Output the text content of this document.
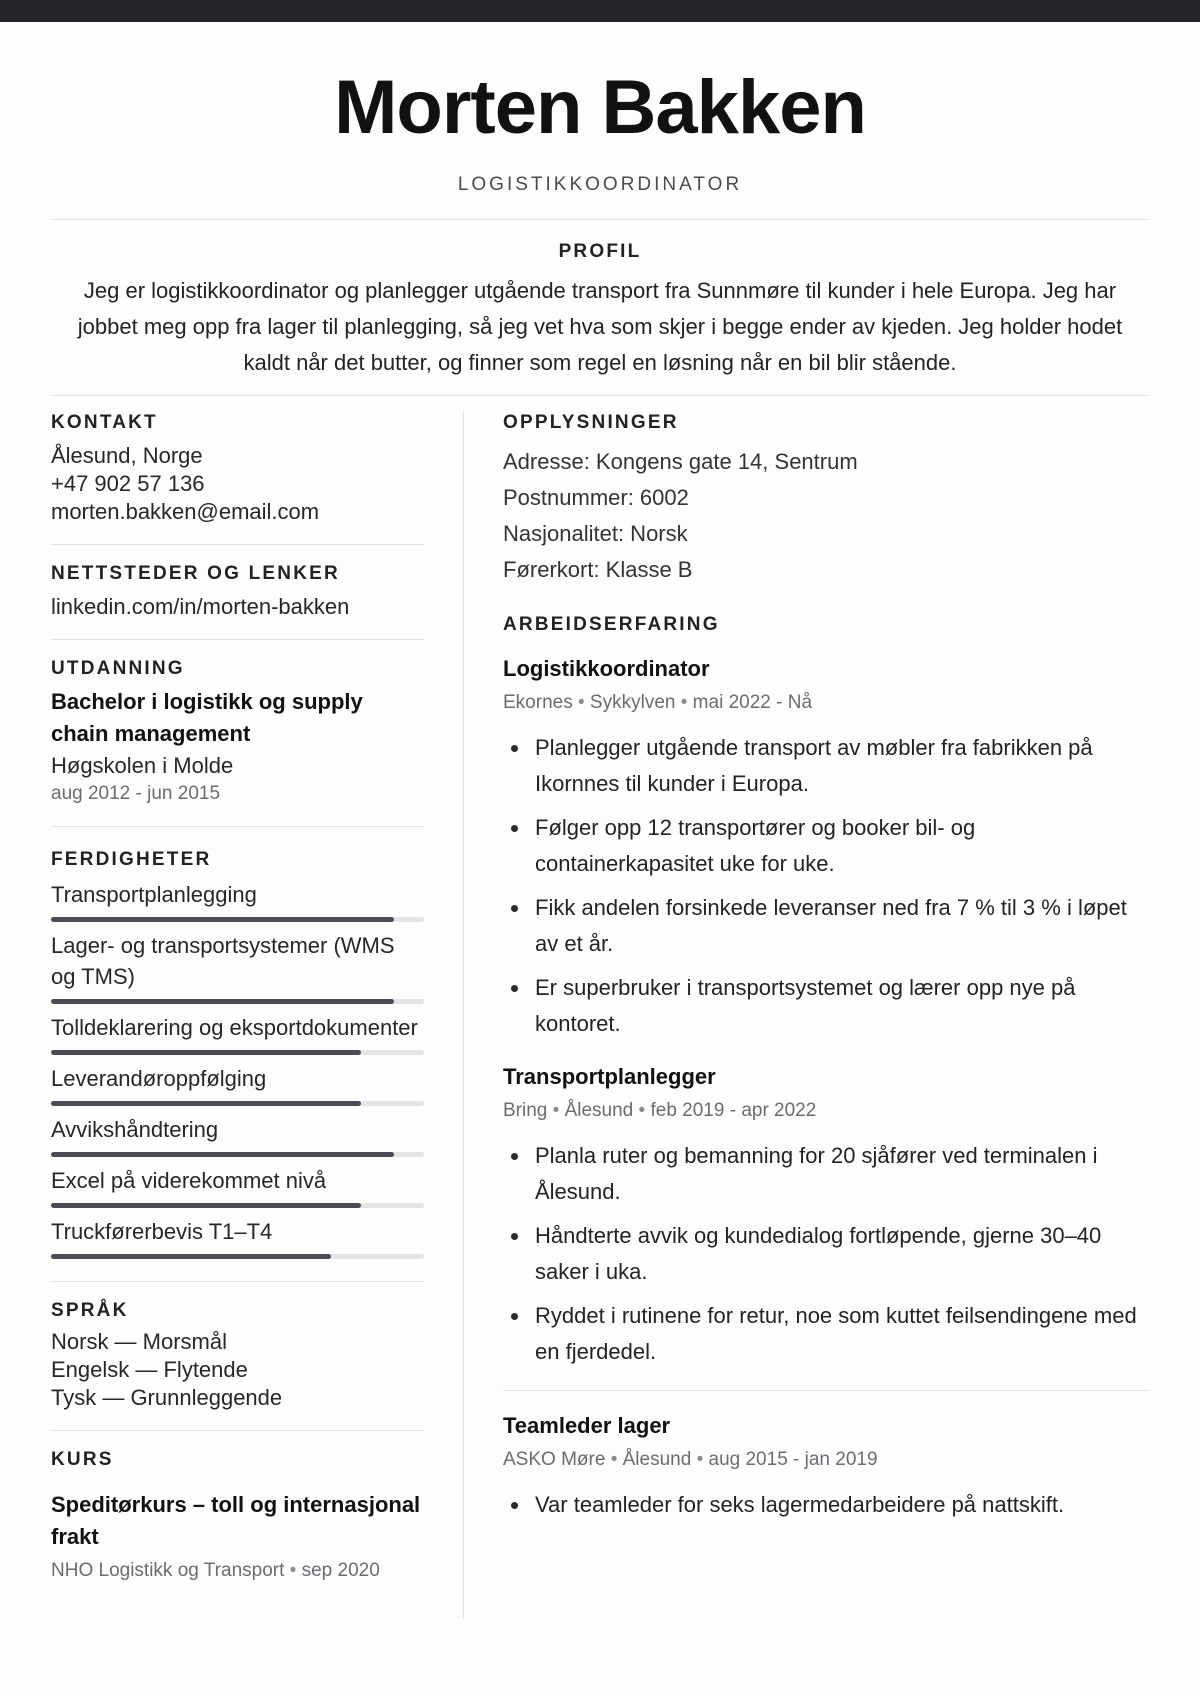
Morten Bakken
LOGISTIKKOORDINATOR
PROFIL

Jeg er logistikkoordinator og planlegger utgående transport fra Sunnmøre til kunder i hele Europa. Jeg har jobbet meg opp fra lager til planlegging, så jeg vet hva som skjer i begge ender av kjeden. Jeg holder hodet kaldt når det butter, og finner som regel en løsning når en bil blir stående.

KONTAKT
Ålesund, Norge
+47 902 57 136
morten.bakken@email.com
NETTSTEDER OG LENKER
linkedin.com/in/morten-bakken
UTDANNING
Bachelor i logistikk og supply chain management
Høgskolen i Molde
aug 2012 - jun 2015
FERDIGHETER
Transportplanlegging
Lager- og transportsystemer (WMS og TMS)
Tolldeklarering og eksportdokumenter
Leverandøroppfølging
Avvikshåndtering
Excel på viderekommet nivå
Truckførerbevis T1–T4
SPRÅK
Norsk — Morsmål
Engelsk — Flytende
Tysk — Grunnleggende
KURS
Speditørkurs – toll og internasjonal frakt
NHO Logistikk og Transport • sep 2020
OPPLYSNINGER
Adresse: Kongens gate 14, Sentrum
Postnummer: 6002
Nasjonalitet: Norsk
Førerkort: Klasse B
ARBEIDSERFARING
Logistikkoordinator
Ekornes • Sykkylven • mai 2022 - Nå
Planlegger utgående transport av møbler fra fabrikken på Ikornnes til kunder i Europa.
Følger opp 12 transportører og booker bil- og containerkapasitet uke for uke.
Fikk andelen forsinkede leveranser ned fra 7 % til 3 % i løpet av et år.
Er superbruker i transportsystemet og lærer opp nye på kontoret.
Transportplanlegger
Bring • Ålesund • feb 2019 - apr 2022
Planla ruter og bemanning for 20 sjåfører ved terminalen i Ålesund.
Håndterte avvik og kundedialog fortløpende, gjerne 30–40 saker i uka.
Ryddet i rutinene for retur, noe som kuttet feilsendingene med en fjerdedel.
Teamleder lager
ASKO Møre • Ålesund • aug 2015 - jan 2019
Var teamleder for seks lagermedarbeidere på nattskift.
